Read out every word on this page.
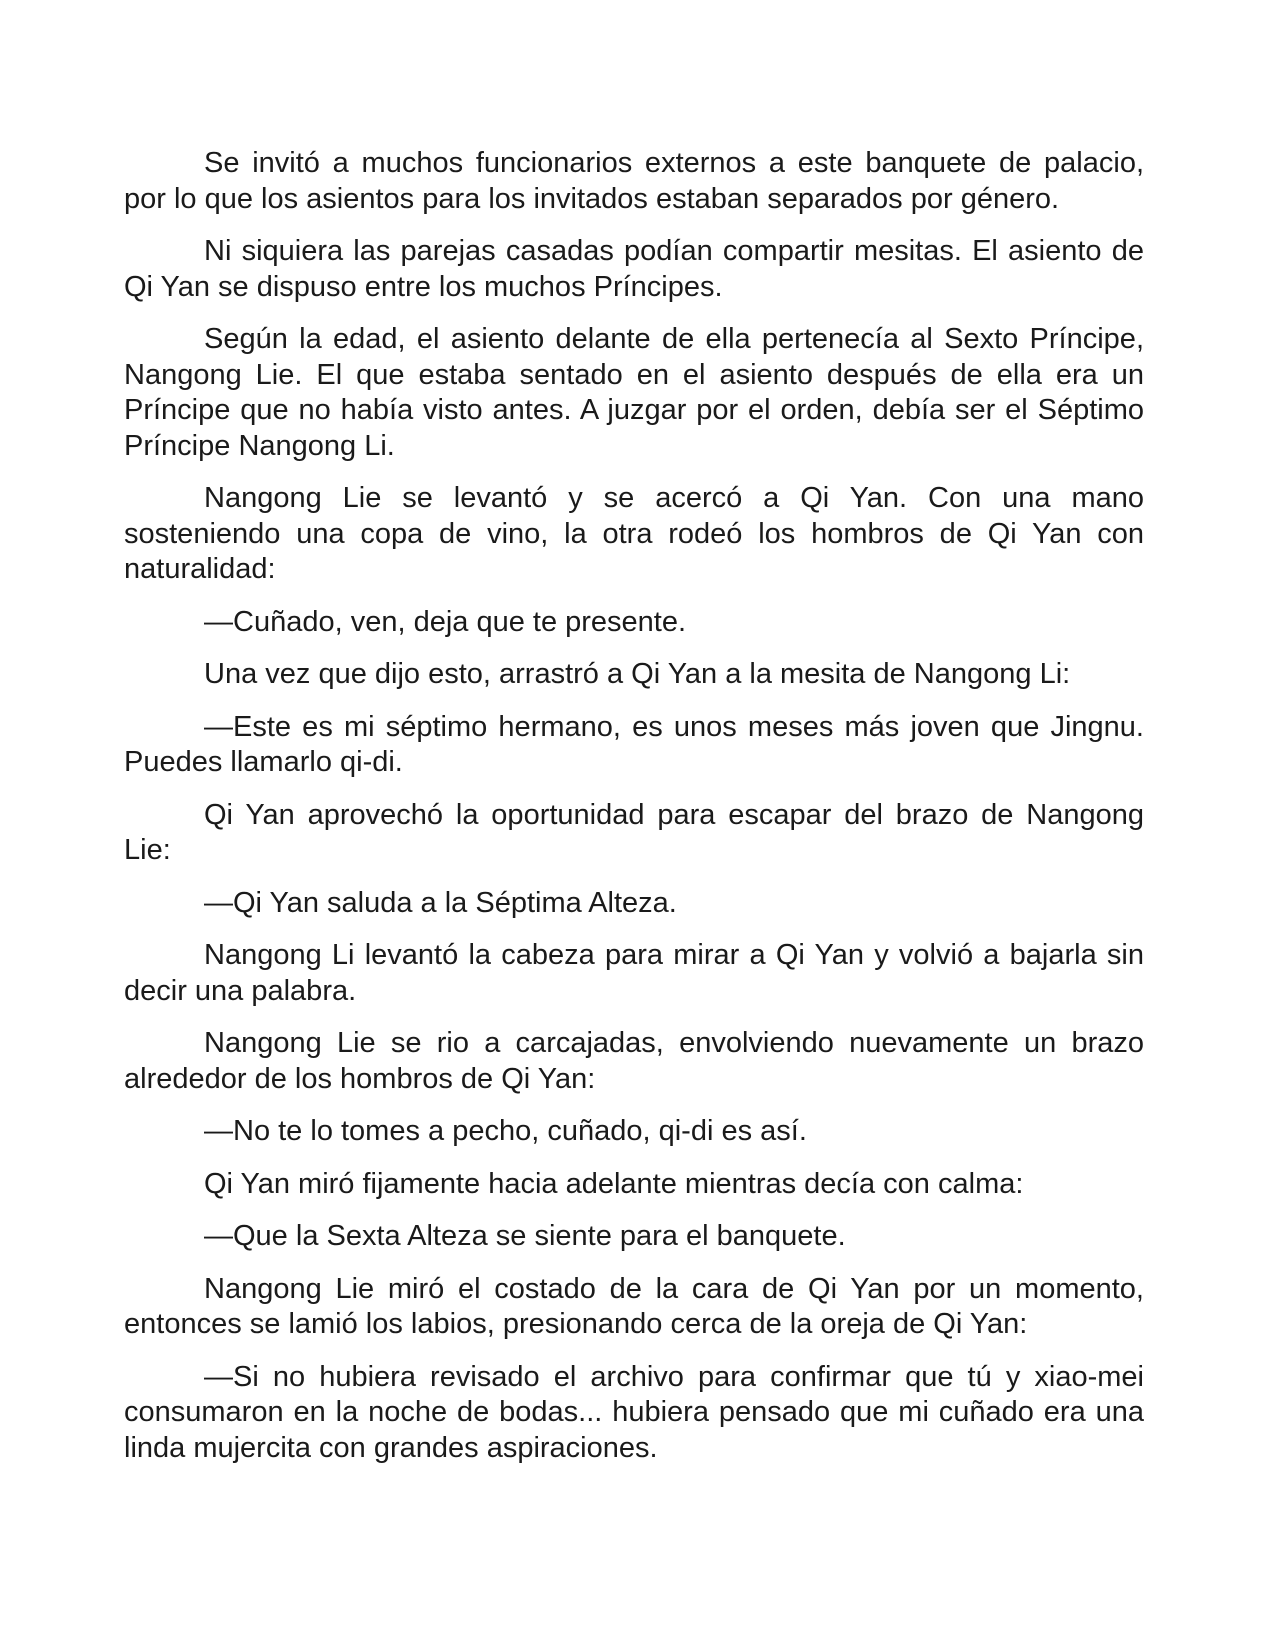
Se invitó a muchos funcionarios externos a este banquete de palacio, por lo que los asientos para los invitados estaban separados por género.

Ni siquiera las parejas casadas podían compartir mesitas. El asiento de Qi Yan se dispuso entre los muchos Príncipes.

Según la edad, el asiento delante de ella pertenecía al Sexto Príncipe, Nangong Lie. El que estaba sentado en el asiento después de ella era un Príncipe que no había visto antes. A juzgar por el orden, debía ser el Séptimo Príncipe Nangong Li.

Nangong Lie se levantó y se acercó a Qi Yan. Con una mano sosteniendo una copa de vino, la otra rodeó los hombros de Qi Yan con naturalidad:

—Cuñado, ven, deja que te presente.

Una vez que dijo esto, arrastró a Qi Yan a la mesita de Nangong Li:

—Este es mi séptimo hermano, es unos meses más joven que Jingnu. Puedes llamarlo qi-di.

Qi Yan aprovechó la oportunidad para escapar del brazo de Nangong Lie:

—Qi Yan saluda a la Séptima Alteza.

Nangong Li levantó la cabeza para mirar a Qi Yan y volvió a bajarla sin decir una palabra.

Nangong Lie se rio a carcajadas, envolviendo nuevamente un brazo alrededor de los hombros de Qi Yan:

—No te lo tomes a pecho, cuñado, qi-di es así.

Qi Yan miró fijamente hacia adelante mientras decía con calma:

—Que la Sexta Alteza se siente para el banquete.

Nangong Lie miró el costado de la cara de Qi Yan por un momento, entonces se lamió los labios, presionando cerca de la oreja de Qi Yan:

—Si no hubiera revisado el archivo para confirmar que tú y xiao-mei consumaron en la noche de bodas... hubiera pensado que mi cuñado era una linda mujercita con grandes aspiraciones.
